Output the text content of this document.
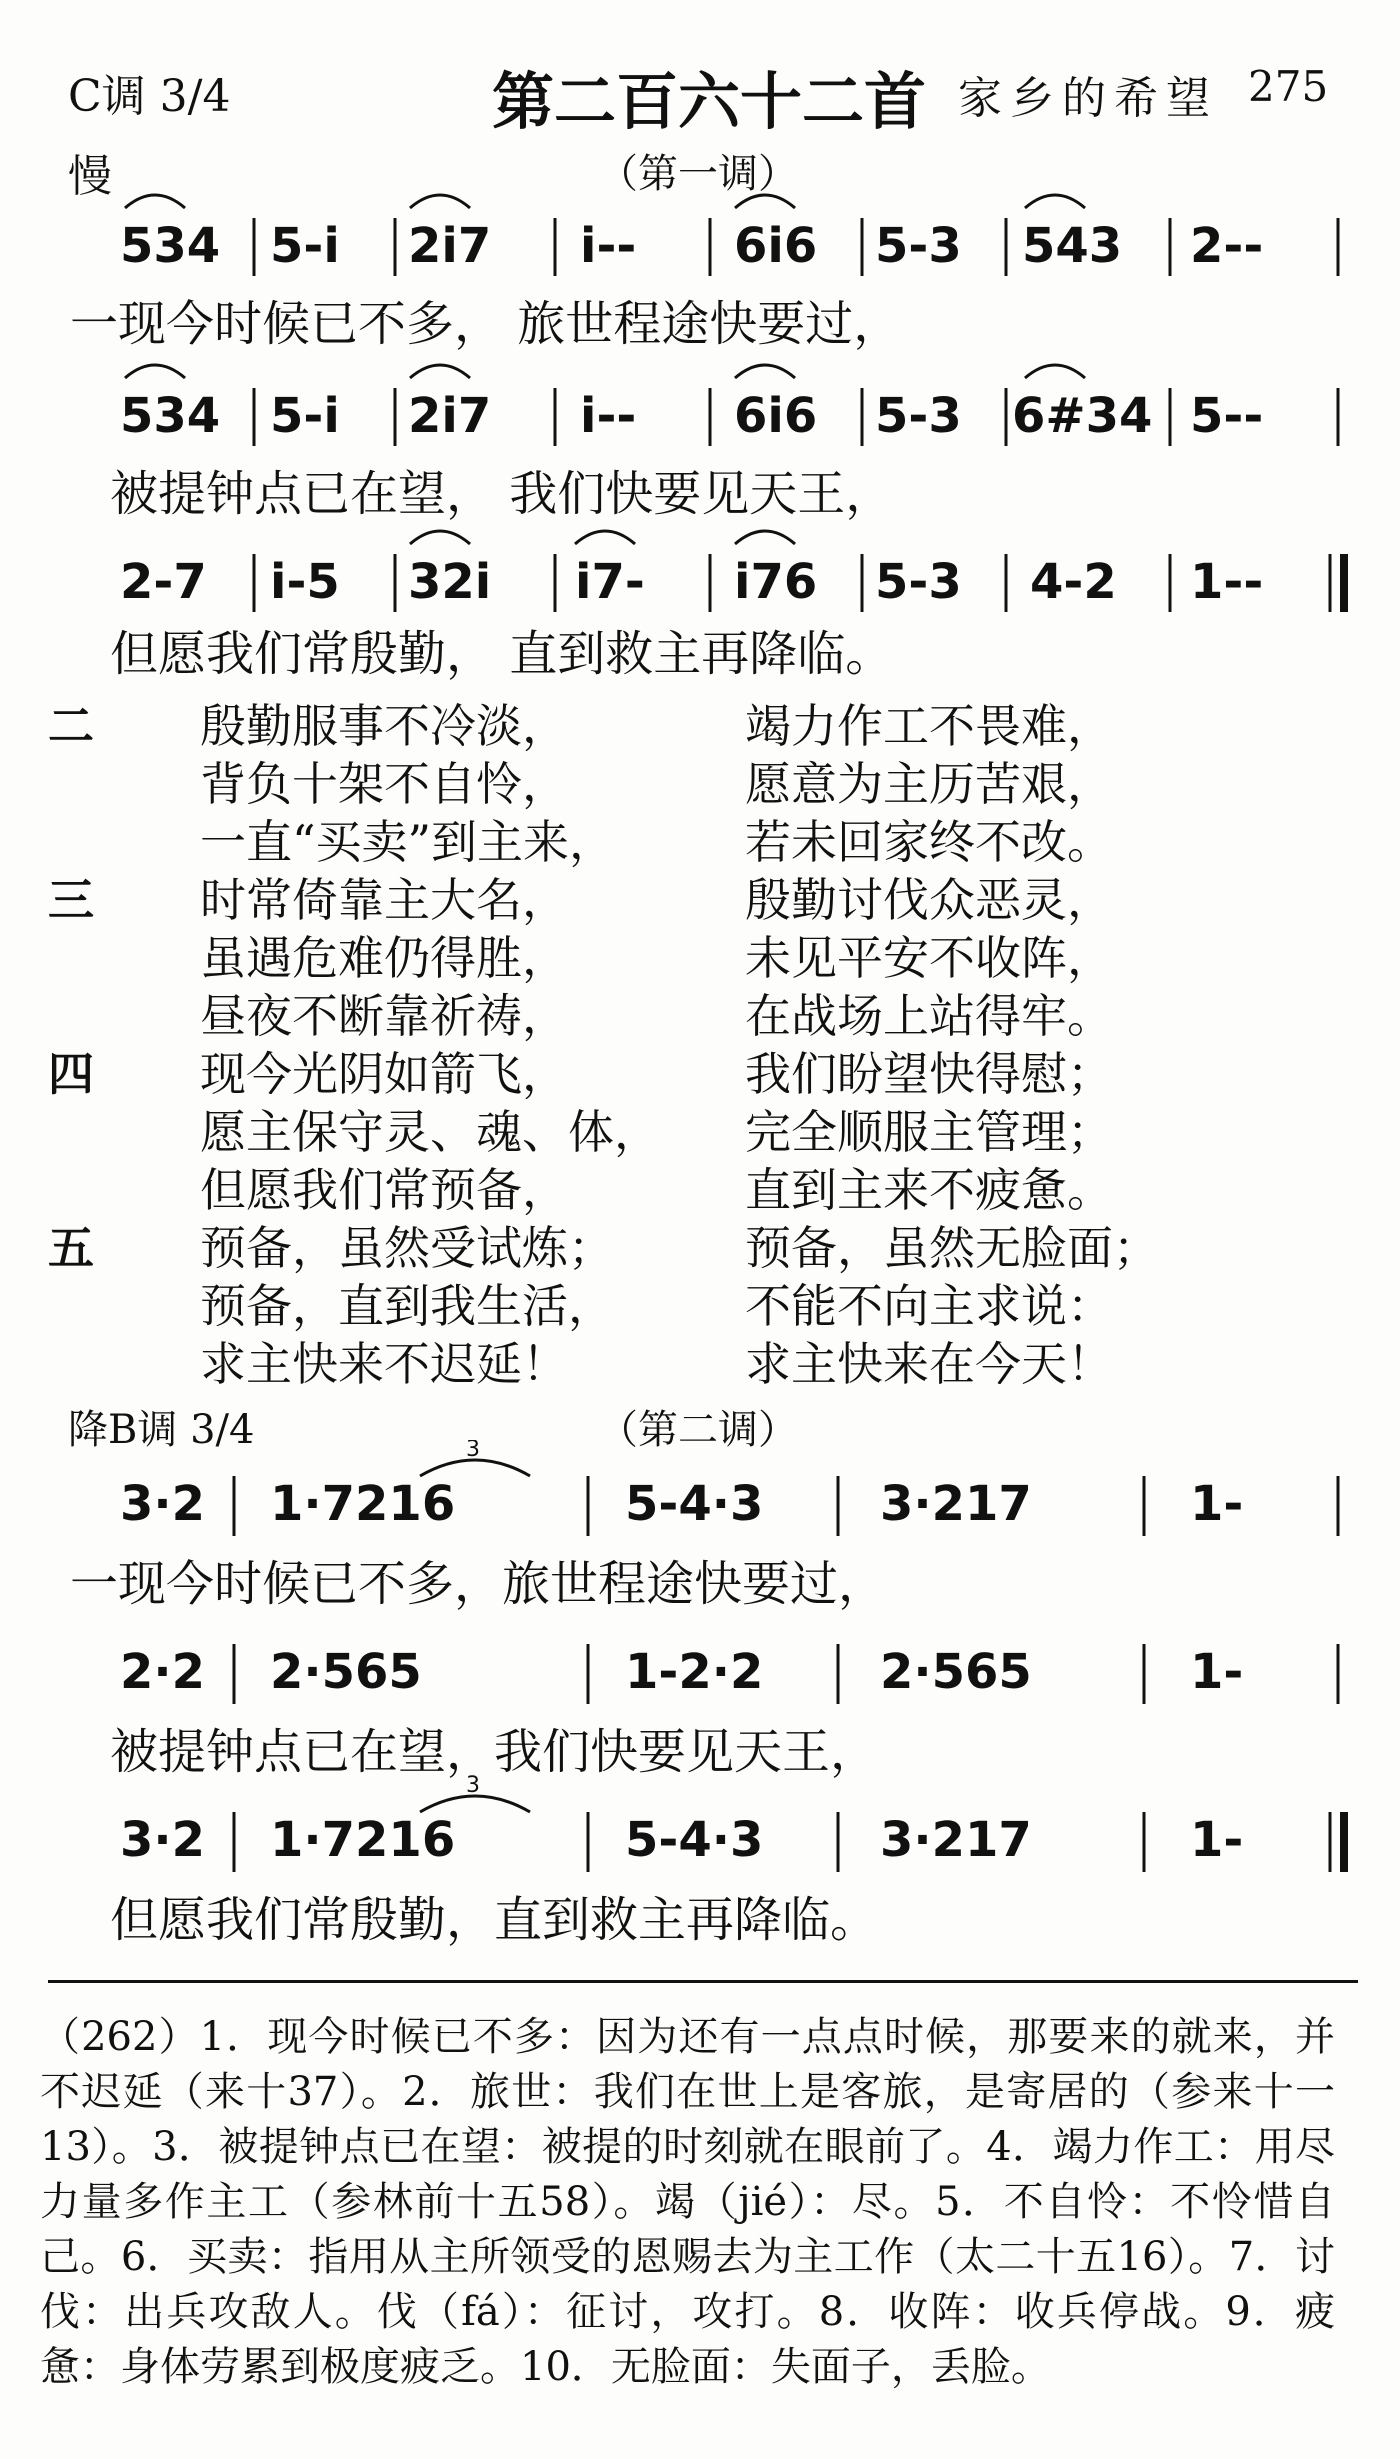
C调 3/4	第二百六十二首 家乡的希望 275
慢	（第一调）
534 5-i 2i7 i-- 6i6 5-3 543 2--
一现今时候已不多， 旅世程途快要过，
534 5-i 2i7 i-- 6i6 5-3 6#34 5--
被提钟点已在望， 我们快要见天王，
2-7 i-5 32i i7- i76 5-3 4-2 1--
但愿我们常殷勤， 直到救主再降临。
二 殷勤服事不冷淡，	竭力作工不畏难，
背负十架不自怜，	愿意为主历苦艰，
一直“买卖”到主来，	若未回家终不改。
三 时常倚靠主大名，	殷勤讨伐众恶灵，
虽遇危难仍得胜，	未见平安不收阵，
昼夜不断靠祈祷，	在战场上站得牢。
四 现今光阴如箭飞，	我们盼望快得慰；
愿主保守灵、魂、体， 完全顺服主管理；
但愿我们常预备，	直到主来不疲惫。
五 预备，虽然受试炼；	预备，虽然无脸面；
预备，直到我生活，	不能不向主求说：
求主快来不迟延！	求主快来在今天！
降B调 3/4	（第二调）
3
3·2 1·7216	5-4·3 3·217	1-
一现今时候已不多，旅世程途快要过，
2·2 2·565	1-2·2 2·565	1-
被提钟点已在望，我们快要见天王，
3
3·2 1·7216	5-4·3 3·217	1-
但愿我们常殷勤，直到救主再降临。
（262）1．现今时候已不多：因为还有一点点时候，那要来的就来，并不迟延（来十37）。2．旅世：我们在世上是客旅，是寄居的（参来十一13）。3．被提钟点已在望：被提的时刻就在眼前了。4．竭力作工：用尽力量多作主工（参林前十五58）。竭（jié）：尽。5．不自怜：不怜惜自己。6．买卖：指用从主所领受的恩赐去为主工作（太二十五16）。7．讨伐：出兵攻敌人。伐（fá）：征讨，攻打。8．收阵：收兵停战。9．疲惫：身体劳累到极度疲乏。10．无脸面：失面子，丢脸。
